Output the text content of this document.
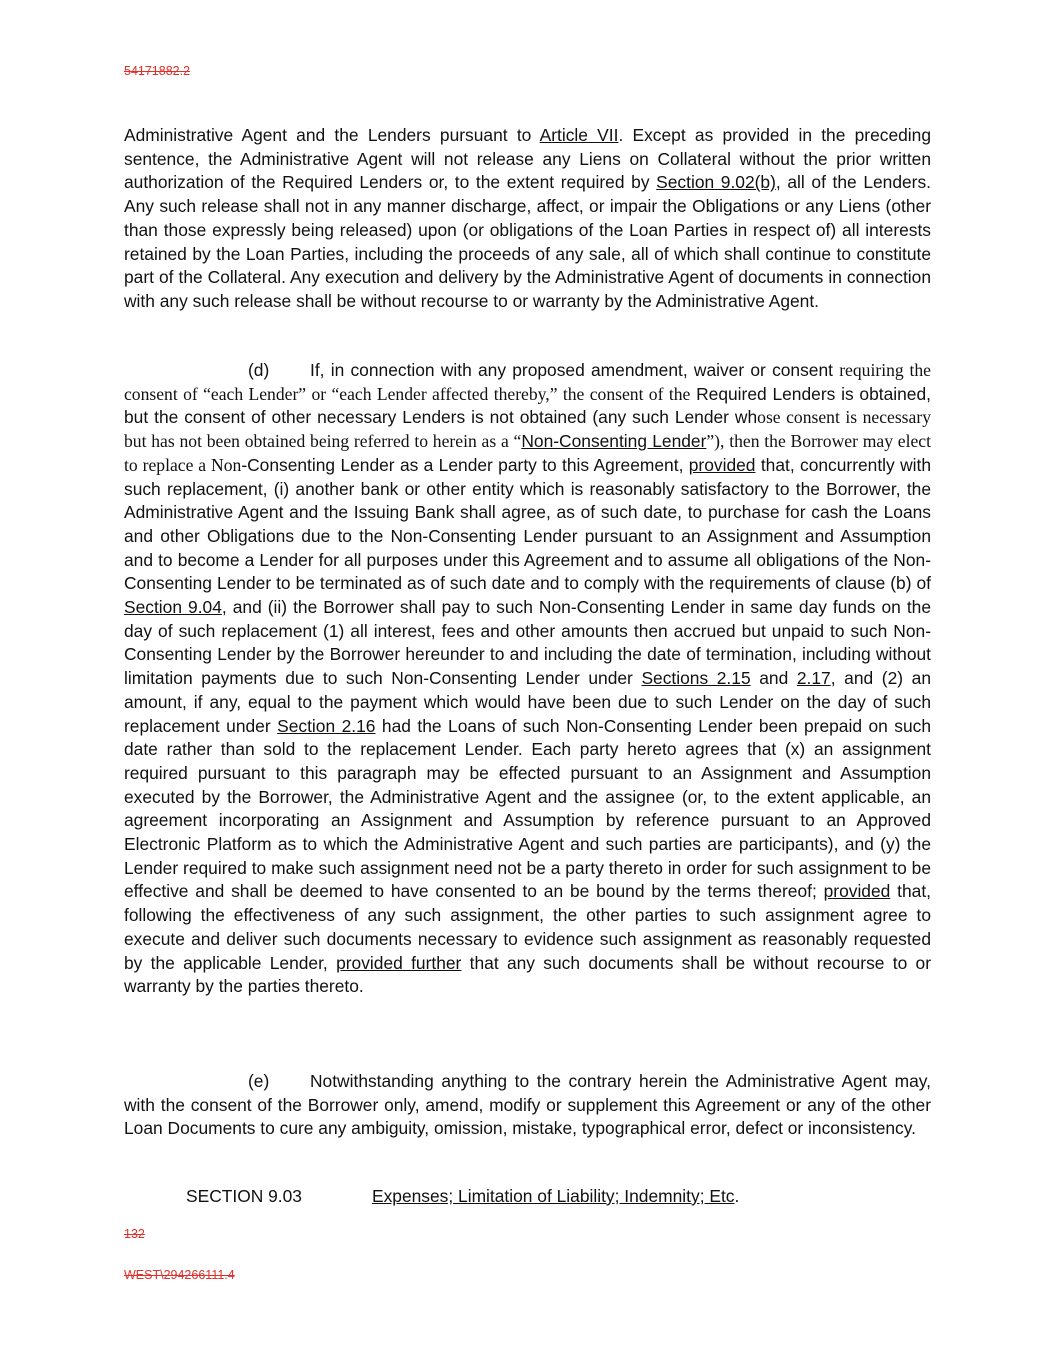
54171882.2

Administrative Agent and the Lenders pursuant to Article VII. Except as provided in the preceding sentence, the Administrative Agent will not release any Liens on Collateral without the prior written authorization of the Required Lenders or, to the extent required by Section 9.02(b), all of the Lenders. Any such release shall not in any manner discharge, affect, or impair the Obligations or any Liens (other than those expressly being released) upon (or obligations of the Loan Parties in respect of) all interests retained by the Loan Parties, including the proceeds of any sale, all of which shall continue to constitute part of the Collateral. Any execution and delivery by the Administrative Agent of documents in connection with any such release shall be without recourse to or warranty by the Administrative Agent.

(d) If, in connection with any proposed amendment, waiver or consent requiring the consent of “each Lender” or “each Lender affected thereby,” the consent of the Required Lenders is obtained, but the consent of other necessary Lenders is not obtained (any such Lender whose consent is necessary but has not been obtained being referred to herein as a “Non-Consenting Lender”), then the Borrower may elect to replace a Non-Consenting Lender as a Lender party to this Agreement, provided that, concurrently with such replacement, (i) another bank or other entity which is reasonably satisfactory to the Borrower, the Administrative Agent and the Issuing Bank shall agree, as of such date, to purchase for cash the Loans and other Obligations due to the Non-Consenting Lender pursuant to an Assignment and Assumption and to become a Lender for all purposes under this Agreement and to assume all obligations of the Non-Consenting Lender to be terminated as of such date and to comply with the requirements of clause (b) of Section 9.04, and (ii) the Borrower shall pay to such Non-Consenting Lender in same day funds on the day of such replacement (1) all interest, fees and other amounts then accrued but unpaid to such Non-Consenting Lender by the Borrower hereunder to and including the date of termination, including without limitation payments due to such Non-Consenting Lender under Sections 2.15 and 2.17, and (2) an amount, if any, equal to the payment which would have been due to such Lender on the day of such replacement under Section 2.16 had the Loans of such Non-Consenting Lender been prepaid on such date rather than sold to the replacement Lender. Each party hereto agrees that (x) an assignment required pursuant to this paragraph may be effected pursuant to an Assignment and Assumption executed by the Borrower, the Administrative Agent and the assignee (or, to the extent applicable, an agreement incorporating an Assignment and Assumption by reference pursuant to an Approved Electronic Platform as to which the Administrative Agent and such parties are participants), and (y) the Lender required to make such assignment need not be a party thereto in order for such assignment to be effective and shall be deemed to have consented to an be bound by the terms thereof; provided that, following the effectiveness of any such assignment, the other parties to such assignment agree to execute and deliver such documents necessary to evidence such assignment as reasonably requested by the applicable Lender, provided further that any such documents shall be without recourse to or warranty by the parties thereto.

(e) Notwithstanding anything to the contrary herein the Administrative Agent may, with the consent of the Borrower only, amend, modify or supplement this Agreement or any of the other Loan Documents to cure any ambiguity, omission, mistake, typographical error, defect or inconsistency.

SECTION 9.03	Expenses; Limitation of Liability; Indemnity; Etc.
132
WEST\294266111.4
